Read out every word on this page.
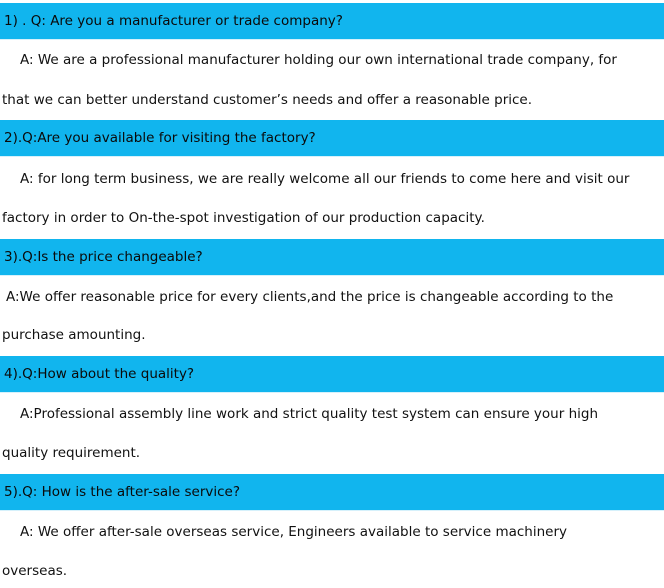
1) . Q: Are you a manufacturer or trade company?
A: We are a professional manufacturer holding our own international trade company, for
that we can better understand customer’s needs and offer a reasonable price.
2).Q:Are you available for visiting the factory?
A: for long term business, we are really welcome all our friends to come here and visit our
factory in order to On-the-spot investigation of our production capacity.
3).Q:Is the price changeable?
A:We offer reasonable price for every clients,and the price is changeable according to the
purchase amounting.
4).Q:How about the quality?
A:Professional assembly line work and strict quality test system can ensure your high
quality requirement.
5).Q: How is the after-sale service?
A: We offer after-sale overseas service, Engineers available to service machinery
overseas.
